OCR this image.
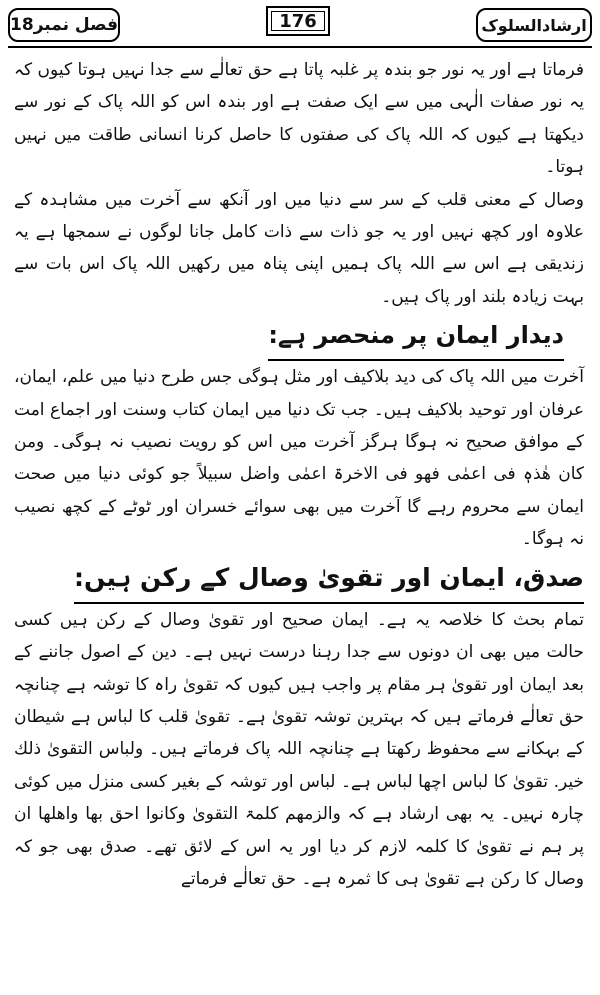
فصل نمبر18	176	ارشادالسلوک

فرماتا ہے اور یہ نور جو بندہ پر غلبہ پاتا ہے حق تعالٰے سے جدا نہیں ہوتا کیوں کہ یہ نور صفات الٰہی میں سے ایک صفت ہے اور بندہ اس کو اللہ پاک کے نور سے دیکھتا ہے کیوں کہ اللہ پاک کی صفتوں کا حاصل کرنا انسانی طاقت میں نہیں ہوتا۔

وصال کے معنی قلب کے سر سے دنیا میں اور آنکھ سے آخرت میں مشاہدہ کے علاوہ اور کچھ نہیں اور یہ جو ذات سے ذات کامل جانا لوگوں نے سمجھا ہے یہ زندیقی ہے اس سے اللہ پاک ہمیں اپنی پناہ میں رکھیں اللہ پاک اس بات سے بہت زیادہ بلند اور پاک ہیں۔

دیدار ایمان پر منحصر ہے:

آخرت میں اللہ پاک کی دید بلاکیف اور مثل ہوگی جس طرح دنیا میں علم، ایمان، عرفان اور توحید بلاکیف ہیں۔ جب تک دنیا میں ایمان کتاب وسنت اور اجماع امت کے موافق صحیح نہ ہوگا ہرگز آخرت میں اس کو رویت نصیب نہ ہوگی۔ ومن کان ھٰذہٖ فی اعمٰی فھو فی الاخرۃ اعمٰی واضل سبیلاً جو کوئی دنیا میں صحت ایمان سے محروم رہے گا آخرت میں بھی سوائے خسران اور ٹوٹے کے کچھ نصیب نہ ہوگا۔

صدق، ایمان اور تقویٰ وصال کے رکن ہیں:

تمام بحث کا خلاصہ یہ ہے۔ ایمان صحیح اور تقویٰ وصال کے رکن ہیں کسی حالت میں بھی ان دونوں سے جدا رہنا درست نہیں ہے۔ دین کے اصول جاننے کے بعد ایمان اور تقویٰ ہر مقام پر واجب ہیں کیوں کہ تقویٰ راہ کا توشہ ہے چنانچہ حق تعالٰے فرماتے ہیں کہ بہترین توشہ تقویٰ ہے۔ تقویٰ قلب کا لباس ہے شیطان کے بہکانے سے محفوظ رکھتا ہے چنانچہ اللہ پاک فرماتے ہیں۔ ولباس التقوىٰ ذلك خير. تقویٰ کا لباس اچھا لباس ہے۔ لباس اور توشہ کے بغیر کسی منزل میں کوئی چارہ نہیں۔ یہ بھی ارشاد ہے کہ والزمھم کلمۃ التقویٰ وکانوا احق بھا واھلھا ان پر ہم نے تقویٰ کا کلمہ لازم کر دیا اور یہ اس کے لائق تھے۔ صدق بھی جو کہ وصال کا رکن ہے تقویٰ ہی کا ثمرہ ہے۔ حق تعالٰے فرماتے
